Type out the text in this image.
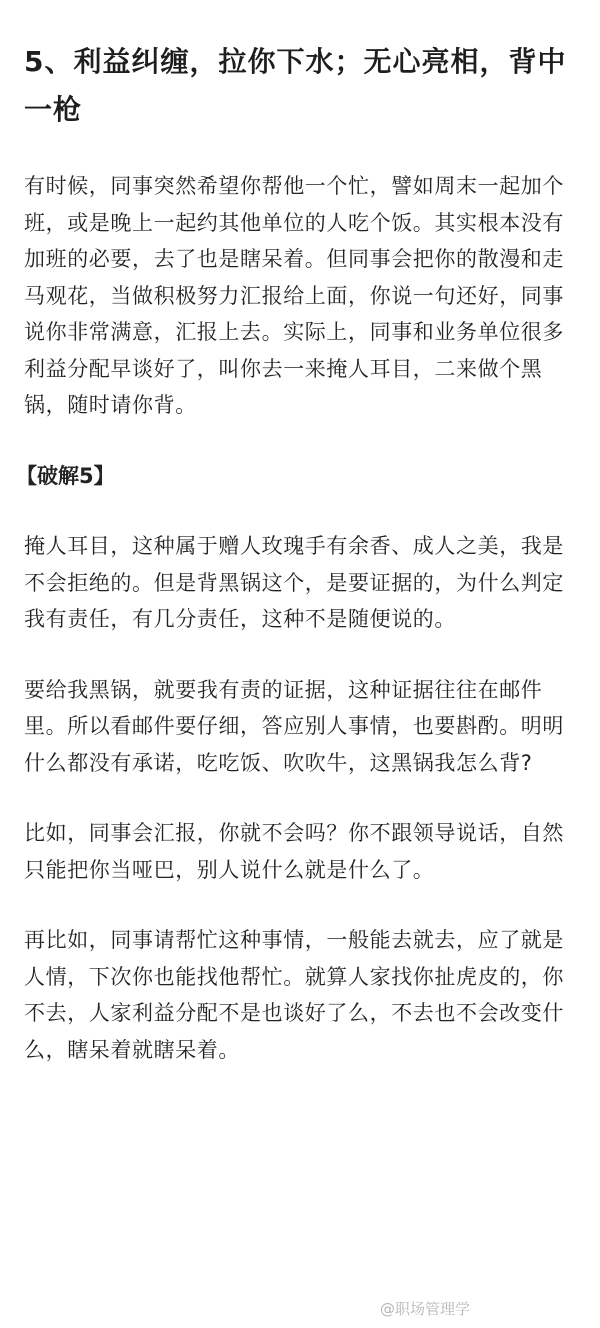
5、利益纠缠，拉你下水；无心亮相，背中一枪
有时候，同事突然希望你帮他一个忙，譬如周末一起加个班，或是晚上一起约其他单位的人吃个饭。其实根本没有加班的必要，去了也是瞎呆着。但同事会把你的散漫和走马观花，当做积极努力汇报给上面，你说一句还好，同事说你非常满意，汇报上去。实际上，同事和业务单位很多利益分配早谈好了，叫你去一来掩人耳目，二来做个黑锅，随时请你背。
【破解5】
掩人耳目，这种属于赠人玫瑰手有余香、成人之美，我是不会拒绝的。但是背黑锅这个，是要证据的，为什么判定我有责任，有几分责任，这种不是随便说的。
要给我黑锅，就要我有责的证据，这种证据往往在邮件里。所以看邮件要仔细，答应别人事情，也要斟酌。明明什么都没有承诺，吃吃饭、吹吹牛，这黑锅我怎么背?
比如，同事会汇报，你就不会吗？你不跟领导说话，自然只能把你当哑巴，别人说什么就是什么了。
再比如，同事请帮忙这种事情，一般能去就去，应了就是人情，下次你也能找他帮忙。就算人家找你扯虎皮的，你不去，人家利益分配不是也谈好了么，不去也不会改变什么，瞎呆着就瞎呆着。
@职场管理学
